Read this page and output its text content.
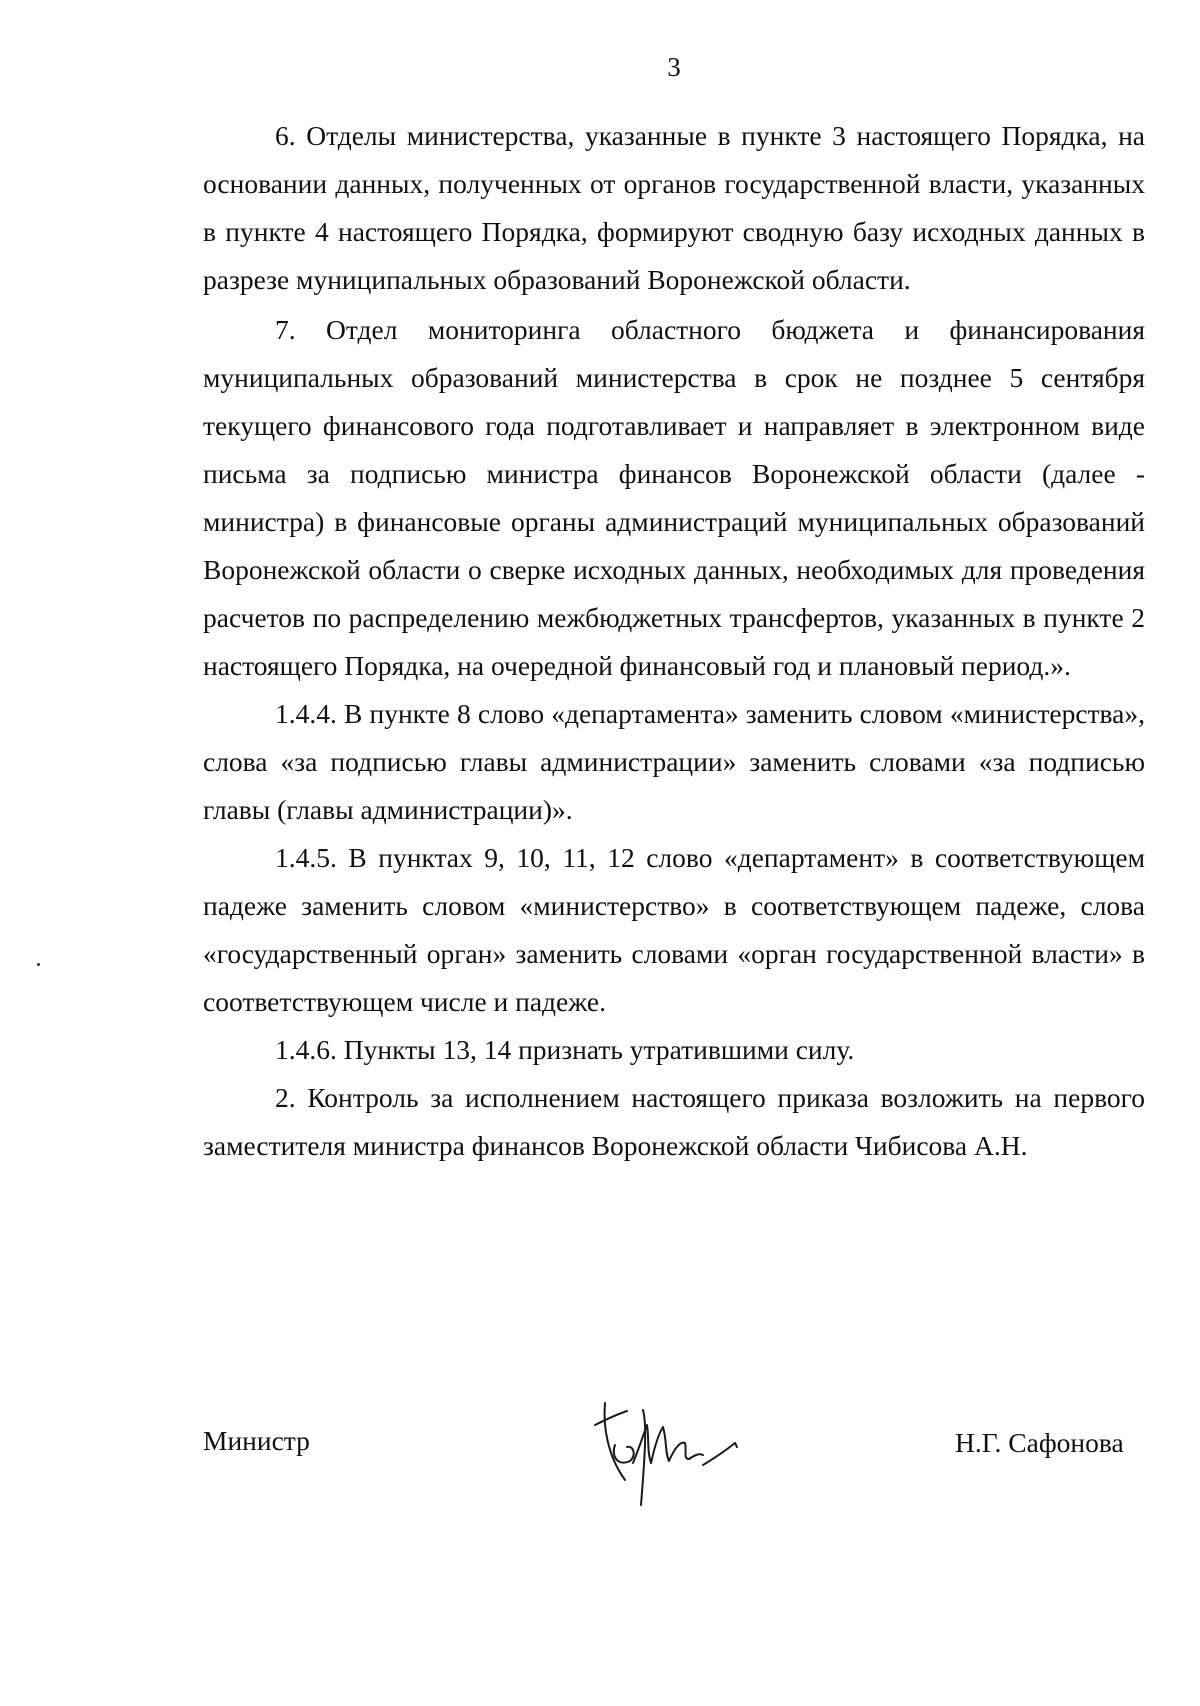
3

6. Отделы министерства, указанные в пункте 3 настоящего Порядка, на основании данных, полученных от органов государственной власти, указанных в пункте 4 настоящего Порядка, формируют сводную базу исходных данных в разрезе муниципальных образований Воронежской области.

7. Отдел мониторинга областного бюджета и финансирования муниципальных образований министерства в срок не позднее 5 сентября текущего финансового года подготавливает и направляет в электронном виде письма за подписью министра финансов Воронежской области (далее - министра) в финансовые органы администраций муниципальных образований Воронежской области о сверке исходных данных, необходимых для проведения расчетов по распределению межбюджетных трансфертов, указанных в пункте 2 настоящего Порядка, на очередной финансовый год и плановый период.».

1.4.4. В пункте 8 слово «департамента» заменить словом «министерства», слова «за подписью главы администрации» заменить словами «за подписью главы (главы администрации)».

1.4.5. В пунктах 9, 10, 11, 12 слово «департамент» в соответствующем падеже заменить словом «министерство» в соответствующем падеже, слова «государственный орган» заменить словами «орган государственной власти» в соответствующем числе и падеже.

1.4.6. Пункты 13, 14 признать утратившими силу.

2. Контроль за исполнением настоящего приказа возложить на первого заместителя министра финансов Воронежской области Чибисова А.Н.

Министр	Н.Г. Сафонова
